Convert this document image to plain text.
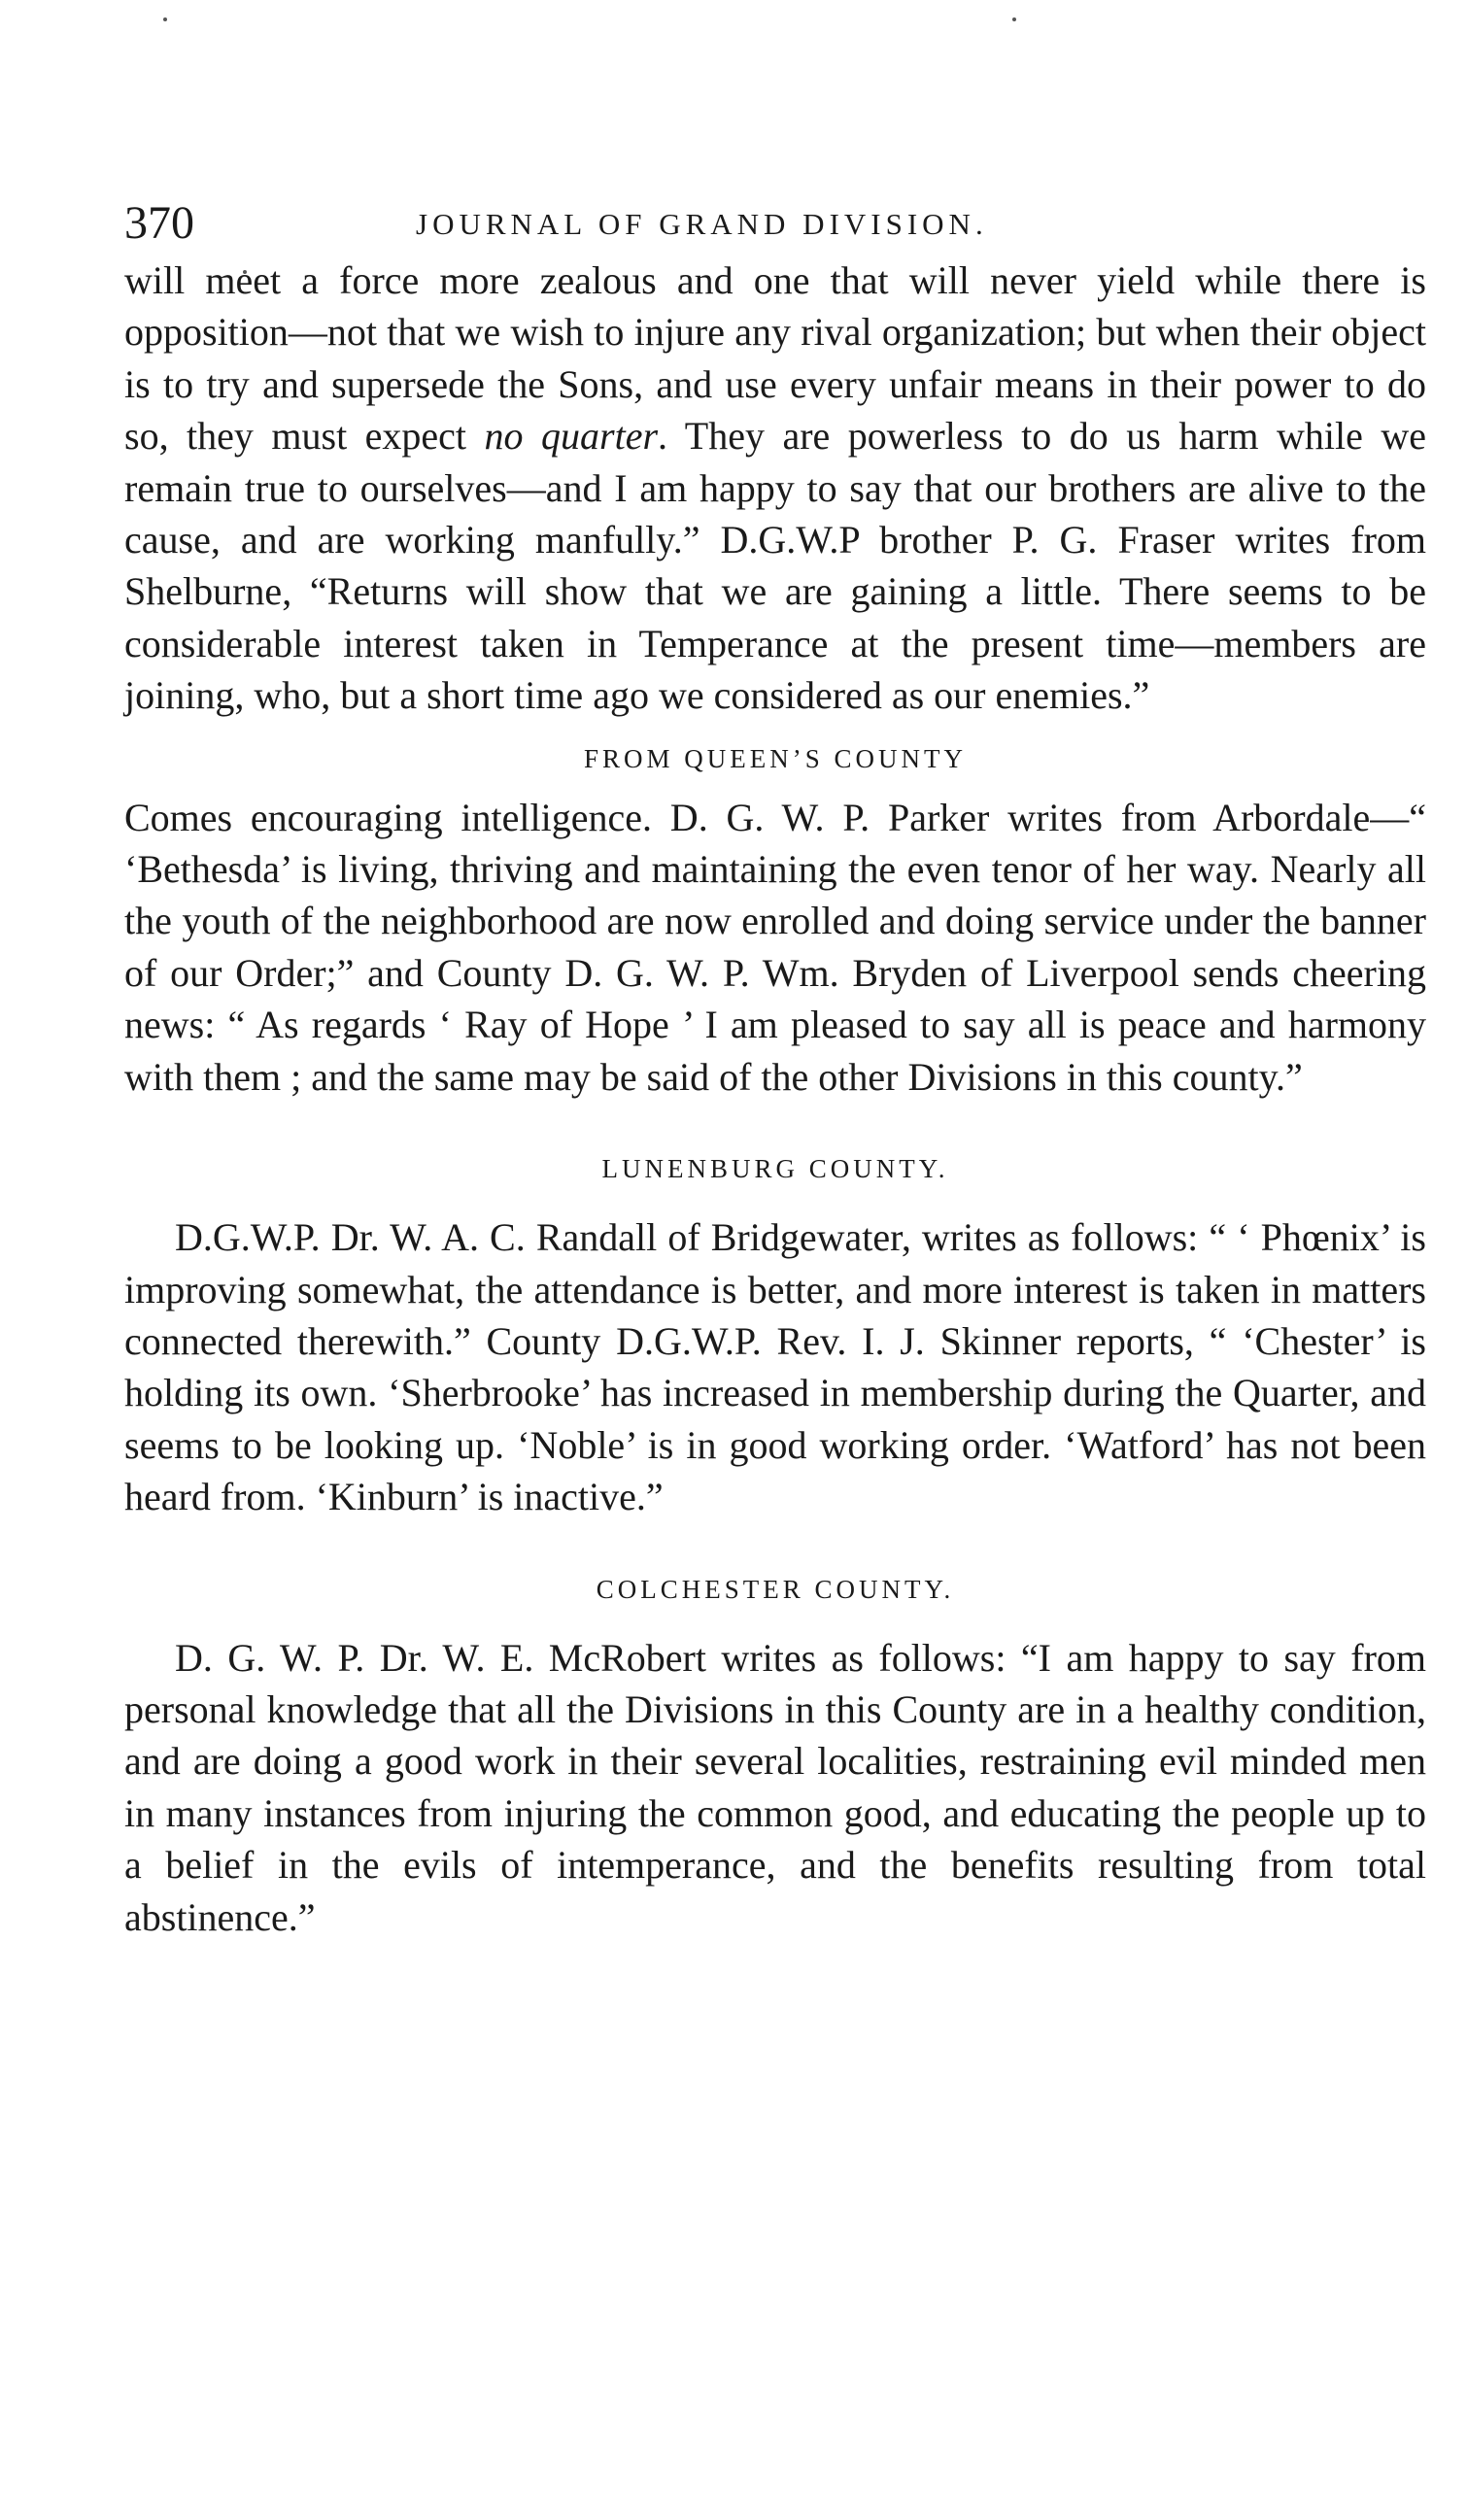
370	JOURNAL OF GRAND DIVISION.

will meet a force more zealous and one that will never yield while there is opposition—not that we wish to injure any rival organization; but when their object is to try and supersede the Sons, and use every unfair means in their power to do so, they must expect no quarter. They are powerless to do us harm while we remain true to ourselves—and I am happy to say that our brothers are alive to the cause, and are working manfully.” D.G.W.P brother P. G. Fraser writes from Shelburne, “Returns will show that we are gaining a little. There seems to be considerable interest taken in Temperance at the present time—members are joining, who, but a short time ago we considered as our enemies.”

FROM QUEEN’S COUNTY

Comes encouraging intelligence. D. G. W. P. Parker writes from Arbordale—“ ‘Bethesda’ is living, thriving and maintaining the even tenor of her way. Nearly all the youth of the neighborhood are now enrolled and doing service under the banner of our Order;” and County D. G. W. P. Wm. Bryden of Liverpool sends cheering news: “ As regards ‘ Ray of Hope ’ I am pleased to say all is peace and harmony with them ; and the same may be said of the other Divisions in this county.”

LUNENBURG COUNTY.

D.G.W.P. Dr. W. A. C. Randall of Bridgewater, writes as follows: “ ‘ Phœnix’ is improving somewhat, the attendance is better, and more interest is taken in matters connected therewith.” County D.G.W.P. Rev. I. J. Skinner reports, “ ‘Chester’ is holding its own. ‘Sherbrooke’ has increased in membership during the Quarter, and seems to be looking up. ‘Noble’ is in good working order. ‘Watford’ has not been heard from. ‘Kinburn’ is inactive.”

COLCHESTER COUNTY.

D. G. W. P. Dr. W. E. McRobert writes as follows: “I am happy to say from personal knowledge that all the Divisions in this County are in a healthy condition, and are doing a good work in their several localities, restraining evil minded men in many instances from injuring the common good, and educating the people up to a belief in the evils of intemperance, and the benefits resulting from total abstinence.”
